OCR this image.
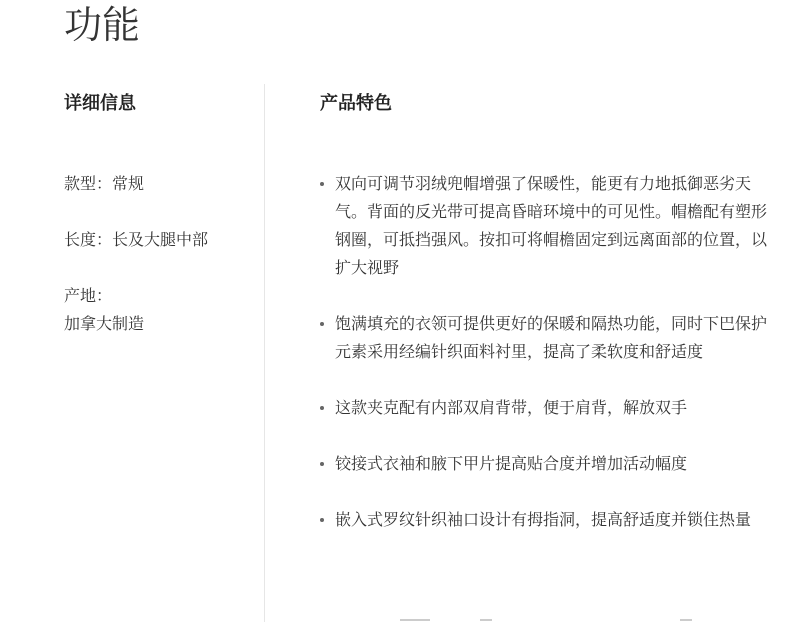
功能
详细信息
款型：常规
长度：长及大腿中部
产地：
加拿大制造
产品特色
双向可调节羽绒兜帽增强了保暖性，能更有力地抵御恶劣天气。背面的反光带可提高昏暗环境中的可见性。帽檐配有塑形钢圈，可抵挡强风。按扣可将帽檐固定到远离面部的位置，以扩大视野
饱满填充的衣领可提供更好的保暖和隔热功能，同时下巴保护元素采用经编针织面料衬里，提高了柔软度和舒适度
这款夹克配有内部双肩背带，便于肩背，解放双手
铰接式衣袖和腋下甲片提高贴合度并增加活动幅度
嵌入式罗纹针织袖口设计有拇指洞，提高舒适度并锁住热量
